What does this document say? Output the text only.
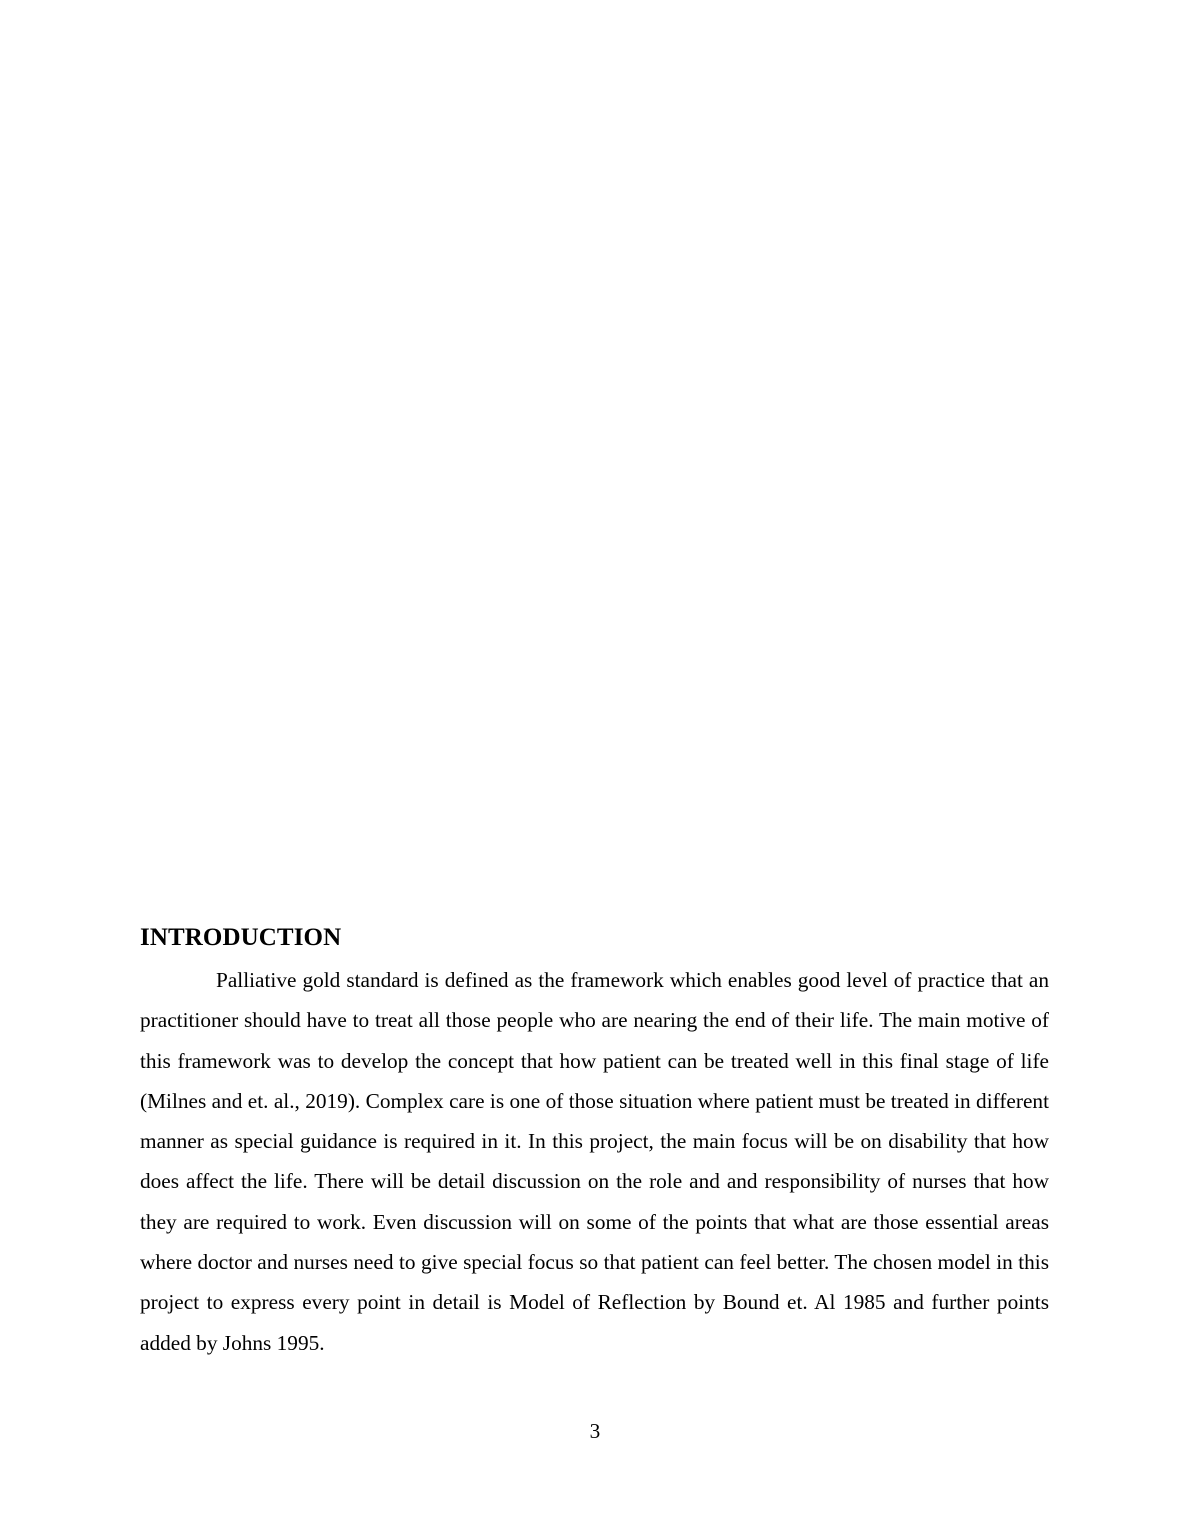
INTRODUCTION

Palliative gold standard is defined as the framework which enables good level of practice that an practitioner should have to treat all those people who are nearing the end of their life. The main motive of this framework was to develop the concept that how patient can be treated well in this final stage of life (Milnes and et. al., 2019). Complex care is one of those situation where patient must be treated in different manner as special guidance is required in it. In this project, the main focus will be on disability that how does affect the life. There will be detail discussion on the role and and responsibility of nurses that how they are required to work. Even discussion will on some of the points that what are those essential areas where doctor and nurses need to give special focus so that patient can feel better. The chosen model in this project to express every point in detail is Model of Reflection by Bound et. Al 1985 and further points added by Johns 1995.

3
